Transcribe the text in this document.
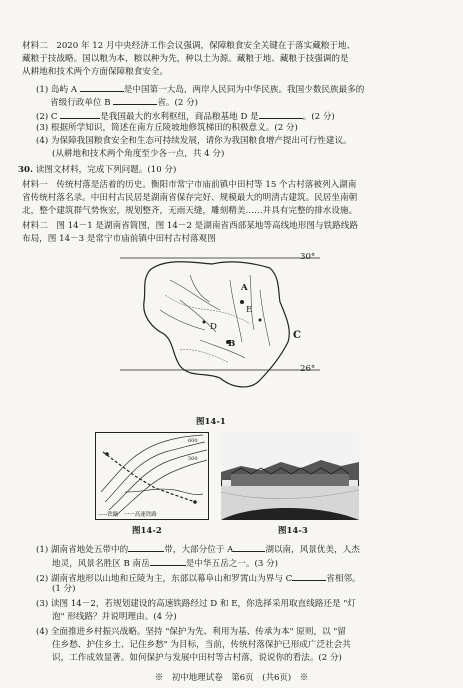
材料二　2020 年 12 月中央经济工作会议强调，保障粮食安全关键在于落实藏粮于地、
藏粮于技战略。国以粮为本，粮以种为先，种以土为源。藏粮于地、藏粮于技强调的是
从耕地和技术两个方面保障粮食安全。
(1) 岛屿 A	是中国第一大岛，两岸人民同为中华民族。我国少数民族最多的
省级行政单位 B	省。(2 分)
(2) C	是我国最大的水利枢纽，商品粮基地 D 是	。(2 分)
(3) 根据所学知识，简述在南方丘陵坡地修筑梯田的积极意义。(2 分)
(4) 为保障我国粮食安全和生态可持续发展，请你为我国粮食增产提出可行性建议。
(从耕地和技术两个角度至少各一点，共 4 分)
30. 读图文材料，完成下列问题。(10 分)
材料一　传统村落是活着的历史。衡阳市常宁市庙前镇中田村等 15 个古村落被列入湖南
省传统村落名录。中田村古民居是湖南省保存完好、规模最大的明清古建筑。民居坐南朝
北，整个建筑群气势恢宏，规划整齐，无雨天缝，雕刻精美……并具有完整的排水设施。
材料二　图 14－1 是湖南省简图，图 14－2 是湖南省西部某地等高线地形图与铁路线路
布局，图 14－3 是常宁市庙前镇中田村古村落观图
30°
26°
A
B
C
D
E
图14-1
600
500
-----铁路　一一高速铁路
图14-2	图14-3
(1) 湖南省地处五带中的	带，大部分位于 A	湖以南，风景优美，人杰
地灵，风景名胜区 B 南岳	是中华五岳之一。(3 分)
(2) 湖南省地形以山地和丘陵为主，东部以幕阜山和罗霄山为界与 C	省相邻。
(1 分)
(3) 读图 14－2，若规划建设的高速铁路经过 D 和 E，你选择采用取直线路还是 "灯
泡" 形线路？并说明理由。(4 分)
(4) 全面推进乡村振兴战略。坚持 "保护为先、利用为基、传承为本" 原则，以 "留
住乡愁、护住乡土、记住乡愁" 为目标，当前，传统村落保护已形成广泛社会共
识，工作成效显著。如何保护与发展中田村等古村落，说说你的看法。(2 分)
※　初中地理试卷　第6页　(共6页)　※
